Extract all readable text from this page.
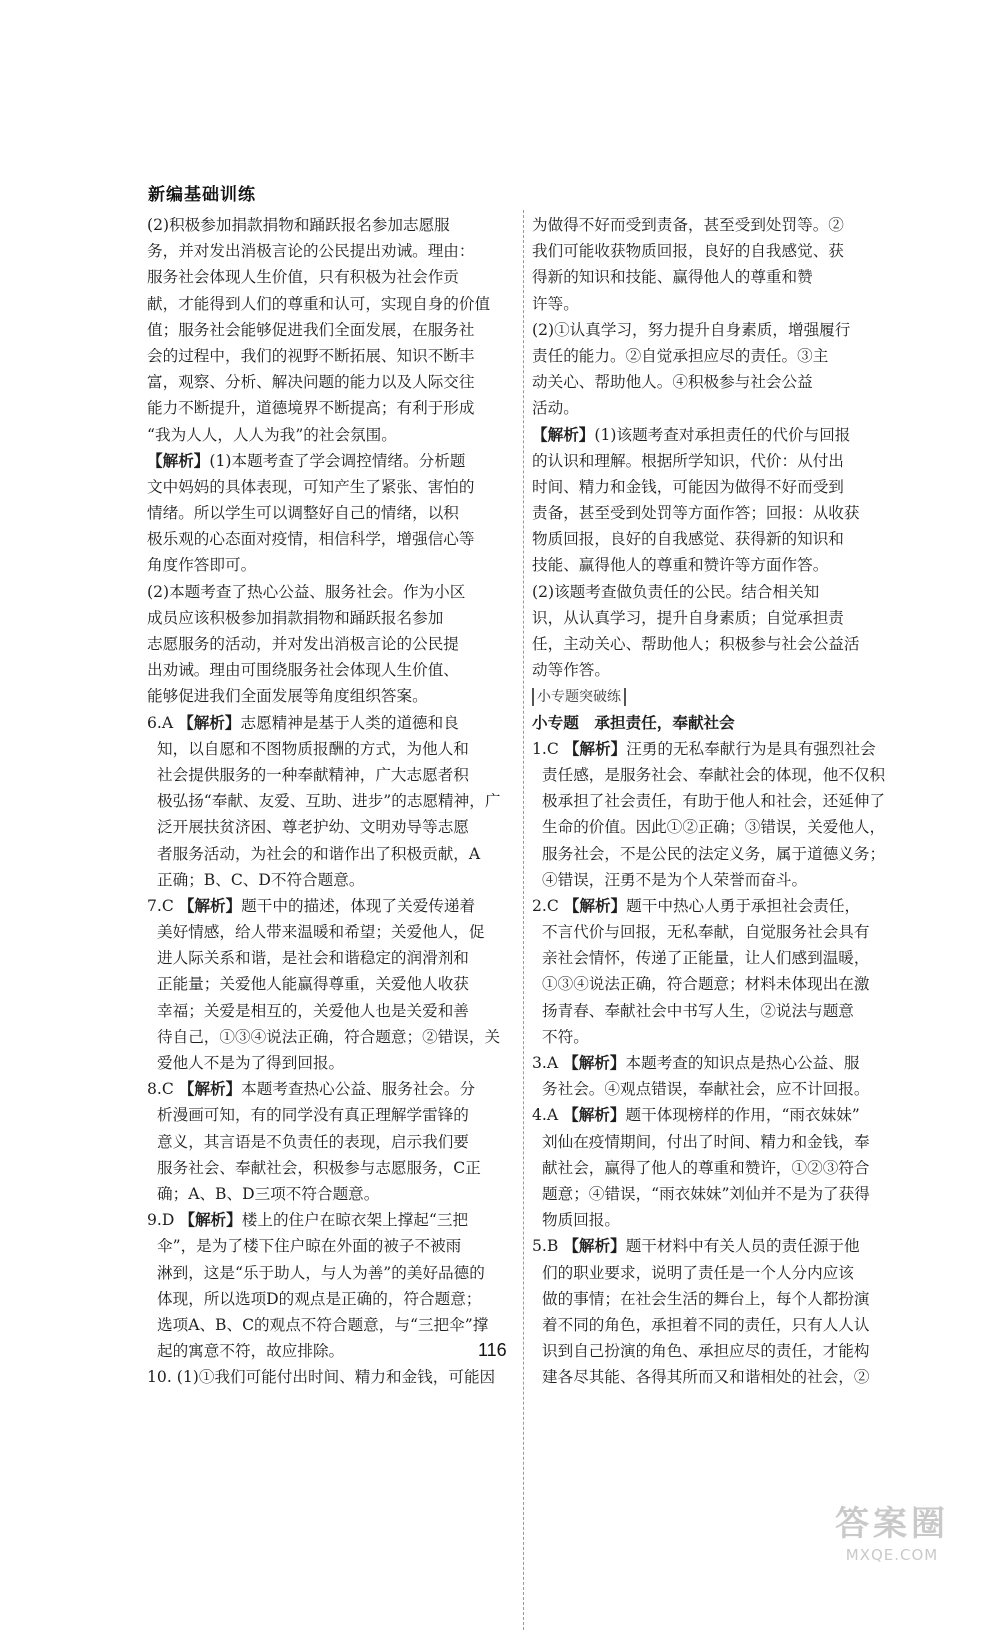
新编基础训练
(2)积极参加捐款捐物和踊跃报名参加志愿服
务，并对发出消极言论的公民提出劝诫。理由：
服务社会体现人生价值，只有积极为社会作贡
献，才能得到人们的尊重和认可，实现自身的价值
值；服务社会能够促进我们全面发展，在服务社
会的过程中，我们的视野不断拓展、知识不断丰
富，观察、分析、解决问题的能力以及人际交往
能力不断提升，道德境界不断提高；有利于形成
“我为人人，人人为我”的社会氛围。
【解析】(1)本题考查了学会调控情绪。分析题
文中妈妈的具体表现，可知产生了紧张、害怕的
情绪。所以学生可以调整好自己的情绪，以积
极乐观的心态面对疫情，相信科学，增强信心等
角度作答即可。
(2)本题考查了热心公益、服务社会。作为小区
成员应该积极参加捐款捐物和踊跃报名参加
志愿服务的活动，并对发出消极言论的公民提
出劝诫。理由可围绕服务社会体现人生价值、
能够促进我们全面发展等角度组织答案。
6.A 【解析】志愿精神是基于人类的道德和良
知，以自愿和不图物质报酬的方式，为他人和
社会提供服务的一种奉献精神，广大志愿者积
极弘扬“奉献、友爱、互助、进步”的志愿精神，广
泛开展扶贫济困、尊老护幼、文明劝导等志愿
者服务活动，为社会的和谐作出了积极贡献，A
正确；B、C、D不符合题意。
7.C 【解析】题干中的描述，体现了关爱传递着
美好情感，给人带来温暖和希望；关爱他人，促
进人际关系和谐，是社会和谐稳定的润滑剂和
正能量；关爱他人能赢得尊重，关爱他人收获
幸福；关爱是相互的，关爱他人也是关爱和善
待自己，①③④说法正确，符合题意；②错误，关
爱他人不是为了得到回报。
8.C 【解析】本题考查热心公益、服务社会。分
析漫画可知，有的同学没有真正理解学雷锋的
意义，其言语是不负责任的表现，启示我们要
服务社会、奉献社会，积极参与志愿服务，C正
确；A、B、D三项不符合题意。
9.D 【解析】楼上的住户在晾衣架上撑起“三把
伞”，是为了楼下住户晾在外面的被子不被雨
淋到，这是“乐于助人，与人为善”的美好品德的
体现，所以选项D的观点是正确的，符合题意；
选项A、B、C的观点不符合题意，与“三把伞”撑
起的寓意不符，故应排除。
10. (1)①我们可能付出时间、精力和金钱，可能因
为做得不好而受到责备，甚至受到处罚等。②
我们可能收获物质回报，良好的自我感觉、获
得新的知识和技能、赢得他人的尊重和赞
许等。
(2)①认真学习，努力提升自身素质，增强履行
责任的能力。②自觉承担应尽的责任。③主
动关心、帮助他人。④积极参与社会公益
活动。
【解析】(1)该题考查对承担责任的代价与回报
的认识和理解。根据所学知识，代价：从付出
时间、精力和金钱，可能因为做得不好而受到
责备，甚至受到处罚等方面作答；回报：从收获
物质回报，良好的自我感觉、获得新的知识和
技能、赢得他人的尊重和赞许等方面作答。
(2)该题考查做负责任的公民。结合相关知
识，从认真学习，提升自身素质；自觉承担责
任，主动关心、帮助他人；积极参与社会公益活
动等作答。
小专题突破练
小专题　承担责任，奉献社会
1.C 【解析】汪勇的无私奉献行为是具有强烈社会
责任感，是服务社会、奉献社会的体现，他不仅积
极承担了社会责任，有助于他人和社会，还延伸了
生命的价值。因此①②正确；③错误，关爱他人，
服务社会，不是公民的法定义务，属于道德义务；
④错误，汪勇不是为个人荣誉而奋斗。
2.C 【解析】题干中热心人勇于承担社会责任，
不言代价与回报，无私奉献，自觉服务社会具有
亲社会情怀，传递了正能量，让人们感到温暖，
①③④说法正确，符合题意；材料未体现出在激
扬青春、奉献社会中书写人生，②说法与题意
不符。
3.A 【解析】本题考查的知识点是热心公益、服
务社会。④观点错误，奉献社会，应不计回报。
4.A 【解析】题干体现榜样的作用，“雨衣妹妹”
刘仙在疫情期间，付出了时间、精力和金钱，奉
献社会，赢得了他人的尊重和赞许，①②③符合
题意；④错误，“雨衣妹妹”刘仙并不是为了获得
物质回报。
5.B 【解析】题干材料中有关人员的责任源于他
们的职业要求，说明了责任是一个人分内应该
做的事情；在社会生活的舞台上，每个人都扮演
着不同的角色，承担着不同的责任，只有人人认
识到自己扮演的角色、承担应尽的责任，才能构
建各尽其能、各得其所而又和谐相处的社会，②
116
答案圈
MXQE.COM
